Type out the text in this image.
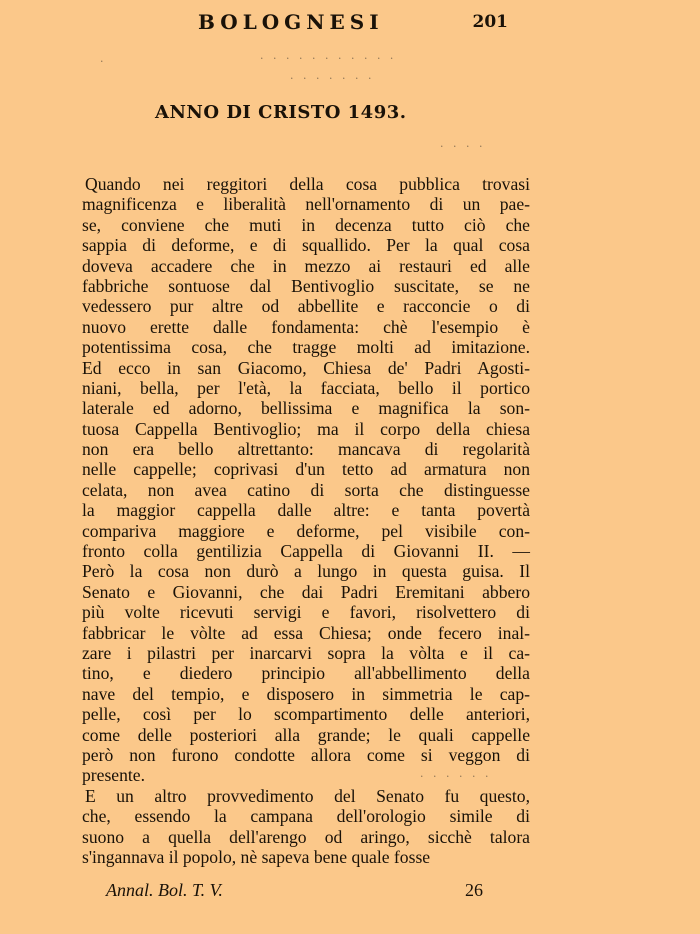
BOLOGNESI	201
·	· · · · · · · · · · ·
· · · · · · ·
· · · ·
· · · · · ·
ANNO DI CRISTO 1493.
Quando nei reggitori della cosa pubblica trovasi
magnificenza e liberalità nell'ornamento di un pae-
se, conviene che muti in decenza tutto ciò che
sappia di deforme, e di squallido. Per la qual cosa
doveva accadere che in mezzo ai restauri ed alle
fabbriche sontuose dal Bentivoglio suscitate, se ne
vedessero pur altre od abbellite e racconcie o di
nuovo erette dalle fondamenta: chè l'esempio è
potentissima cosa, che tragge molti ad imitazione.
Ed ecco in san Giacomo, Chiesa de' Padri Agosti-
niani, bella, per l'età, la facciata, bello il portico
laterale ed adorno, bellissima e magnifica la son-
tuosa Cappella Bentivoglio; ma il corpo della chiesa
non era bello altrettanto: mancava di regolarità
nelle cappelle; coprivasi d'un tetto ad armatura non
celata, non avea catino di sorta che distinguesse
la maggior cappella dalle altre: e tanta povertà
compariva maggiore e deforme, pel visibile con-
fronto colla gentilizia Cappella di Giovanni II. —
Però la cosa non durò a lungo in questa guisa. Il
Senato e Giovanni, che dai Padri Eremitani abbero
più volte ricevuti servigi e favori, risolvettero di
fabbricar le vòlte ad essa Chiesa; onde fecero inal-
zare i pilastri per inarcarvi sopra la vòlta e il ca-
tino, e diedero principio all'abbellimento della
nave del tempio, e disposero in simmetria le cap-
pelle, così per lo scompartimento delle anteriori,
come delle posteriori alla grande; le quali cappelle
però non furono condotte allora come si veggon di
presente.
E un altro provvedimento del Senato fu questo,
che, essendo la campana dell'orologio simile di
suono a quella dell'arengo od aringo, sicchè talora
s'ingannava il popolo, nè sapeva bene quale fosse
Annal. Bol. T. V.	26
